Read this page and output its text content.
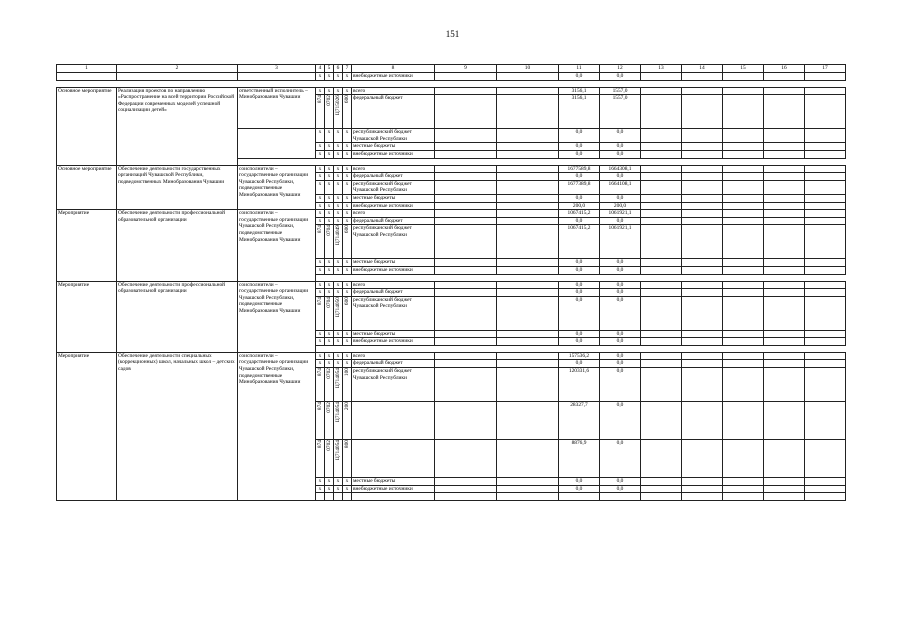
151
1	2	3	4	5	6	7	8	9	10	11	12	13	14	15	16	17
			x	x	x	x	внебюджетные источники			0,0	0,0					

Основное мероприятие	Реализация проектов по направлению «Распространение на всей территории Российской Федерации современных моделей успешной социализации детей»	ответственный исполнитель – Минобразования Чувашии	x	x	x	x	всего			3156,1	1557,0					

			874	0702	Ц715026	600	федеральный бюджет			3156,1	1557,0					
			x	x	x	x	республиканский бюджет Чувашской Республики			0,0	0,0					
			x	x	x	x	местные бюджеты			0,0	0,0					
			x	x	x	x	внебюджетные источники			0,0	0,0					

Основное мероприятие	Обеспечение деятельности государственных организаций Чувашской Республики, подведомственных Минобразования Чувашии	соисполнители – государственные организации Чувашской Республики, подведомственные Минобразования Чувашии	x	x	x	x	всего			1677589,8	1664308,1					
			x	x	x	x	федеральный бюджет			0,0	0,0					
			x	x	x	x	республиканский бюджет Чувашской Республики			1677389,8	1664108,1					
			x	x	x	x	местные бюджеты			0,0	0,0					
			x	x	x	x	внебюджетные источники			200,0	200,0					
Мероприятие	Обеспечение деятельности профессиональной образовательной организации	соисполнители – государственные организации Чувашской Республики, подведомственные Минобразования Чувашии	x	x	x	x	всего			1067415,2	1061921,1					
			x	x	x	x	федеральный бюджет			0,0	0,0					

			874	0704	Ц714049	600	республиканский бюджет Чувашской Республики			1067415,2	1061921,1					
			x	x	x	x	местные бюджеты			0,0	0,0					
			x	x	x	x	внебюджетные источники			0,0	0,0					

Мероприятие	Обеспечение деятельности профессиональной образовательной организации	соисполнители – государственные организации Чувашской Республики, подведомственные Минобразования Чувашии	x	x	x	x	всего			0,0	0,0					
			x	x	x	x	федеральный бюджет			0,0	0,0					

			874	0704	Ц714050	600	республиканский бюджет Чувашской Республики			0,0	0,0					
			x	x	x	x	местные бюджеты			0,0	0,0					
			x	x	x	x	внебюджетные источники			0,0	0,0					

Мероприятие	Обеспечение деятельности специальных (коррекционных) школ, начальных школ – детских садов	соисполнители – государственные организации Чувашской Республики, подведомственные Минобразования Чувашии	x	x	x	x	всего			157536,2	0,0					
			x	x	x	x	федеральный бюджет			0,0	0,0					

			874	0702	Ц714054	100	республиканский бюджет Чувашской Республики			120331,6	0,0					

			874	0702	Ц714054	200				28327,7	0,0					

			874	0702	Ц714054	800				8876,9	0,0					
			x	x	x	x	местные бюджеты			0,0	0,0					
			x	x	x	x	внебюджетные источники			0,0	0,0					
